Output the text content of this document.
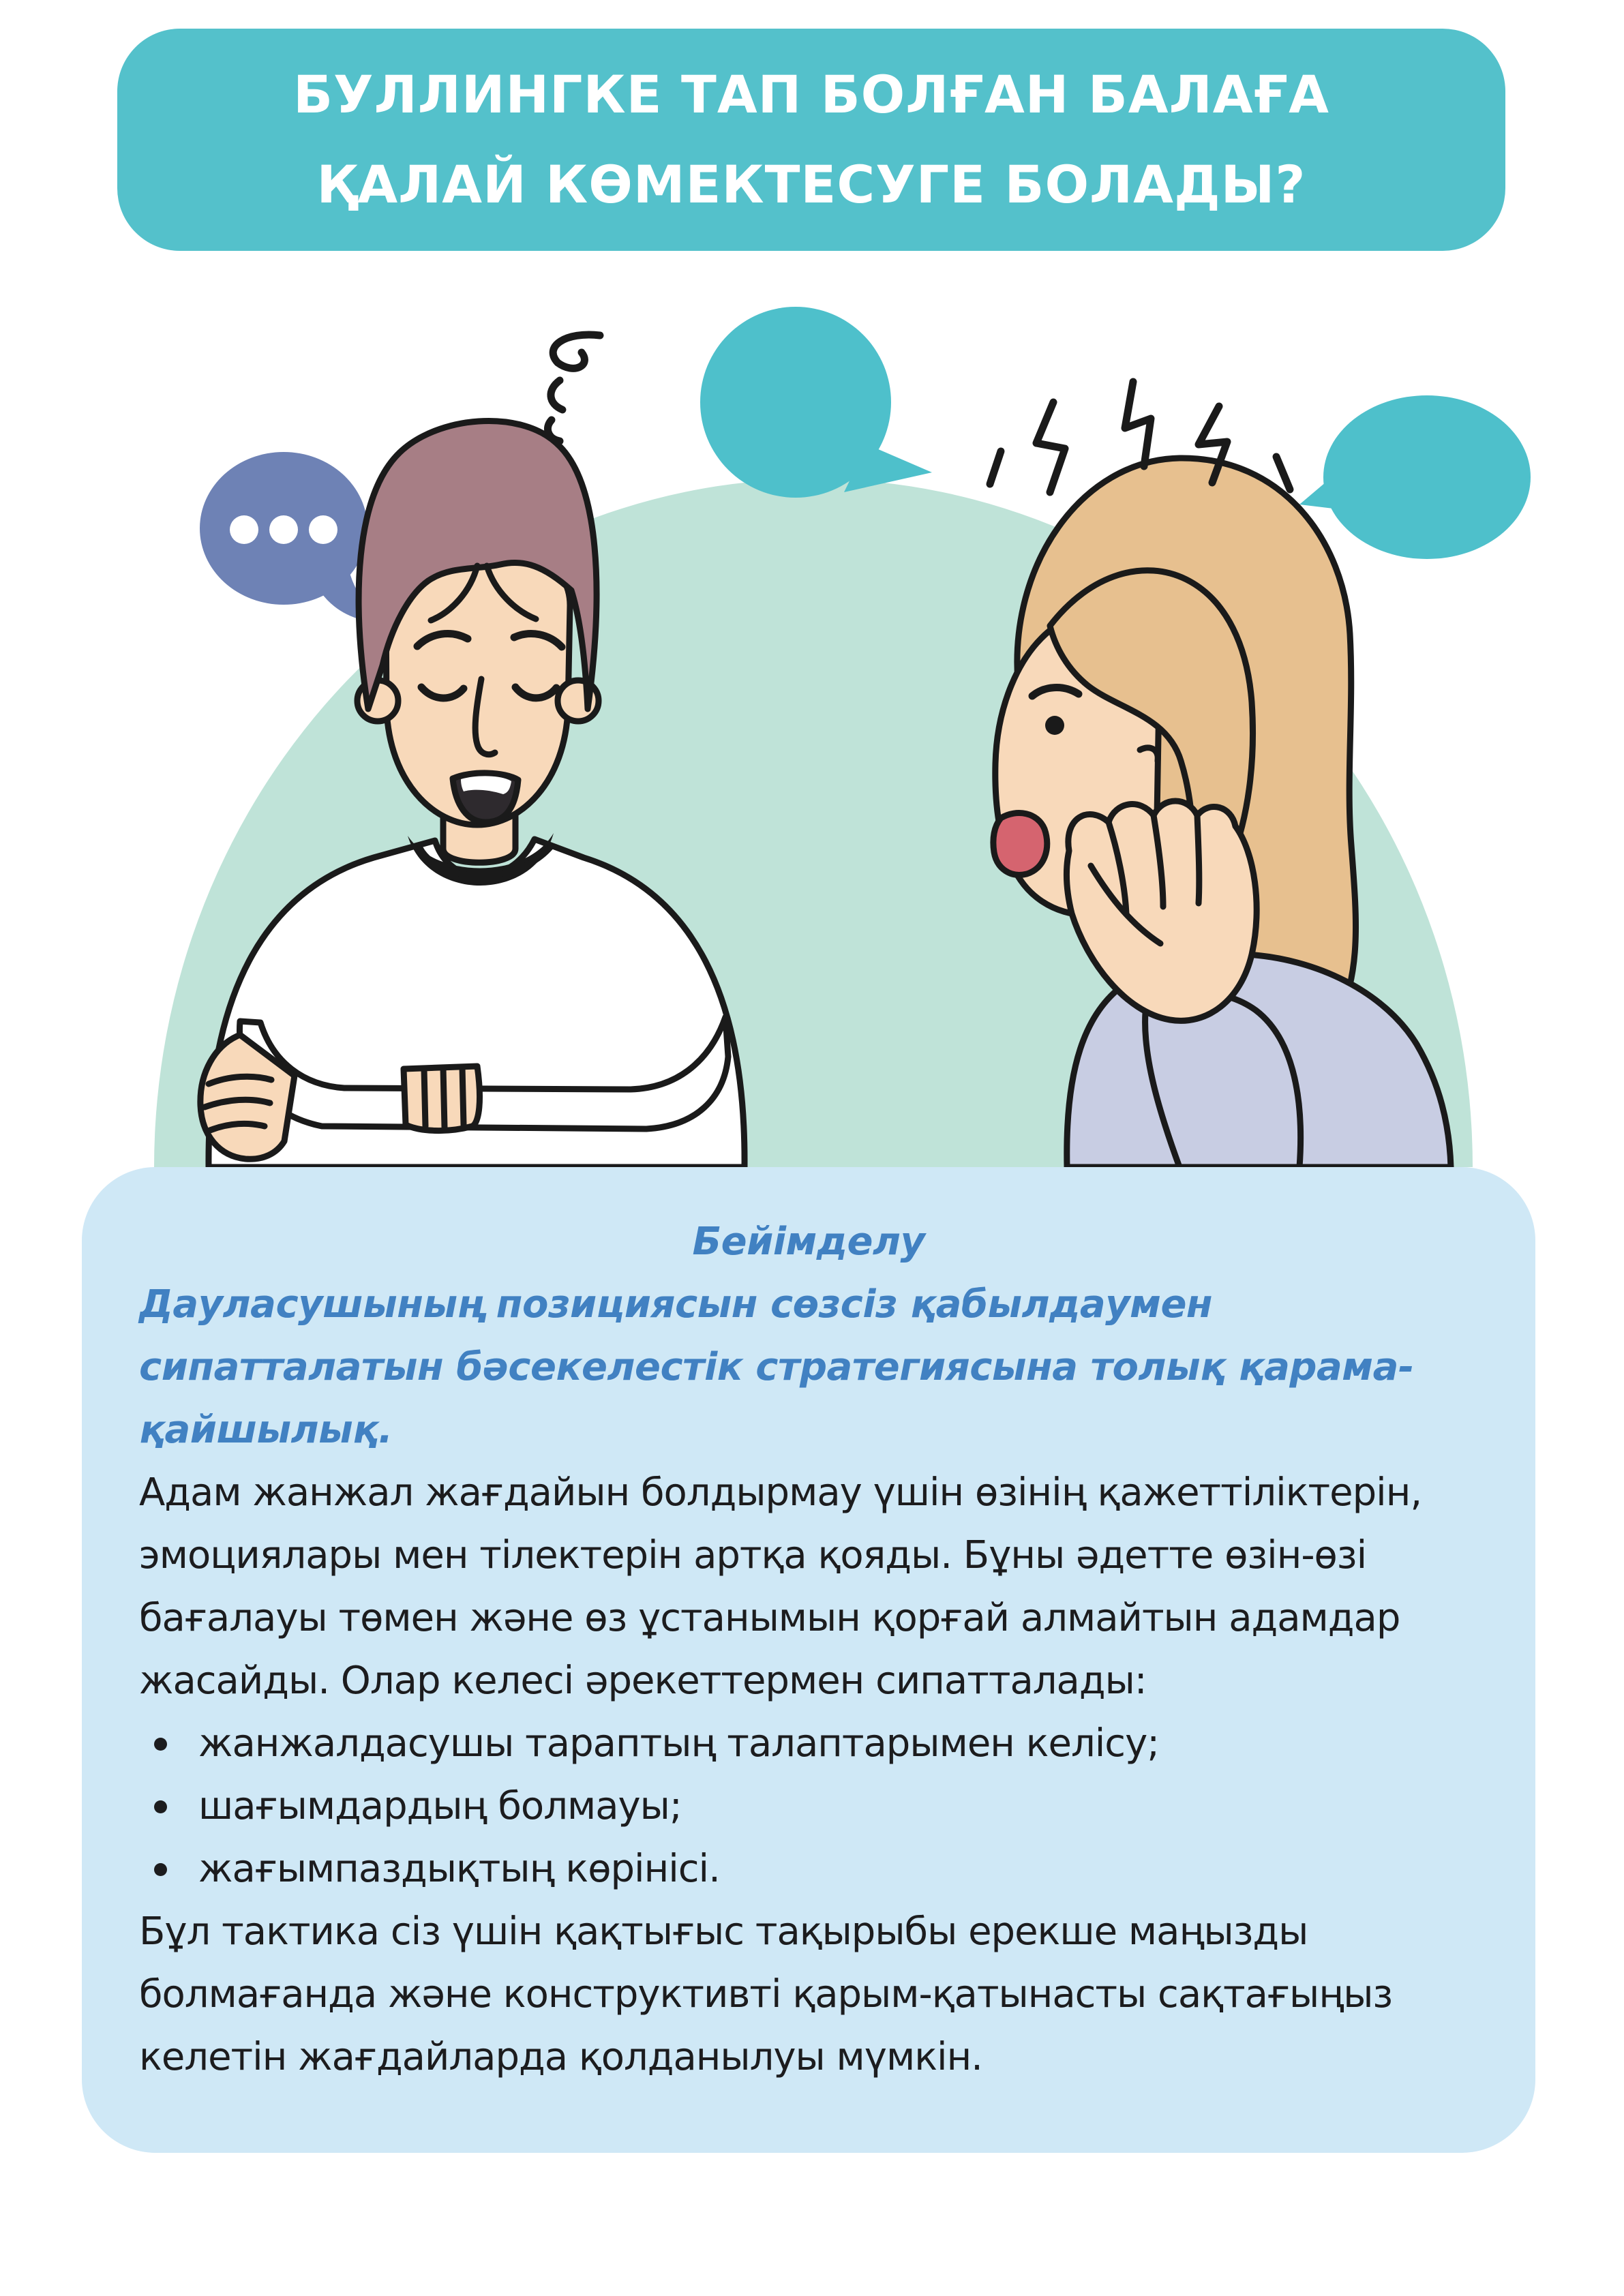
БУЛЛИНГКЕ ТАП БОЛҒАН БАЛАҒА
ҚАЛАЙ КӨМЕКТЕСУГЕ БОЛАДЫ?
Бейімделу
Дауласушының позициясын сөзсіз қабылдаумен сипатталатын бәсекелестік стратегиясына толық қарама-қайшылық.

Адам жанжал жағдайын болдырмау үшін өзінің қажеттіліктерін, эмоциялары мен тілектерін артқа қояды. Бұны әдетте өзін-өзі бағалауы төмен және өз ұстанымын қорғай алмайтын адамдар жасайды. Олар келесі әрекеттермен сипатталады:

жанжалдасушы тараптың талаптарымен келісу;
шағымдардың болмауы;
жағымпаздықтың көрінісі.

Бұл тактика сіз үшін қақтығыс тақырыбы ерекше маңызды болмағанда және конструктивті қарым-қатынасты сақтағыңыз келетін жағдайларда қолданылуы мүмкін.
